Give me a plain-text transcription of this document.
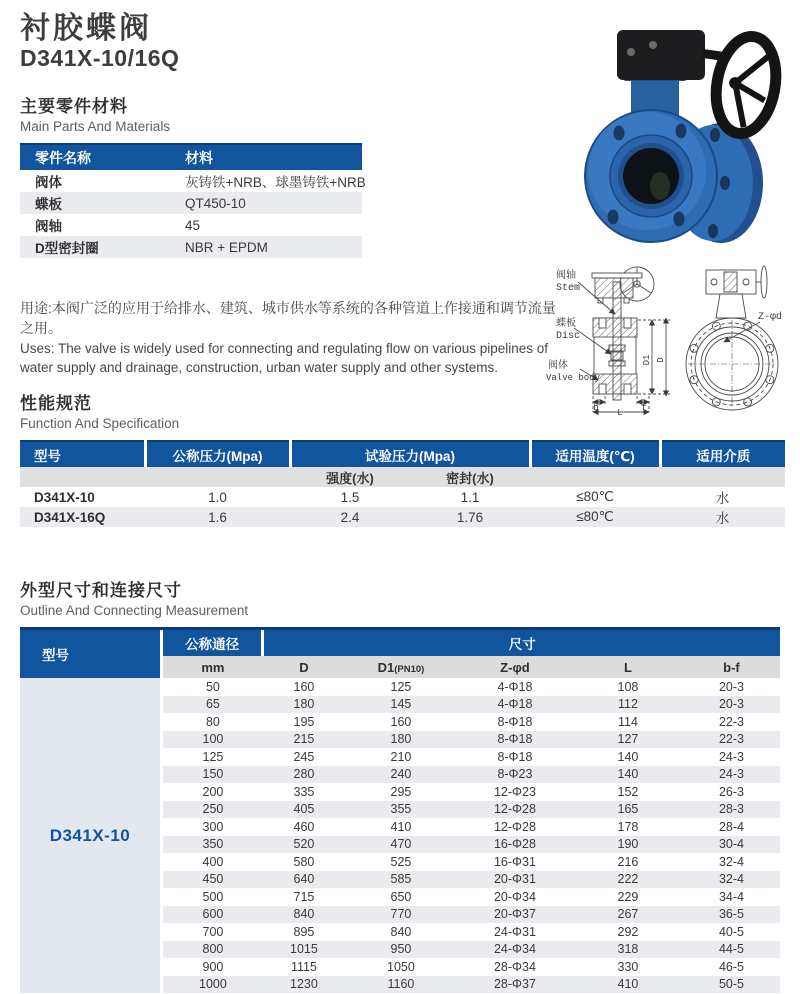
衬胶蝶阀
D341X-10/16Q
主要零件材料
Main Parts And Materials
零件名称	材料
阀体	灰铸铁+NRB、球墨铸铁+NRB
蝶板	QT450-10
阀轴	45
D型密封圈	NBR + EPDM
用途:本阀广泛的应用于给排水、建筑、城市供水等系统的各种管道上作接通和调节流量之用。
Uses: The valve is widely used for connecting and regulating flow on various pipelines of water supply and drainage, construction, urban water supply and other systems.
阀轴
Stem
蝶板
Disc
阀体
Valve body
D1 D
b L f
Z-φd
性能规范
Function And Specification
型号	公称压力(Mpa)	试验压力(Mpa)		适用温度(℃)	适用介质
		强度(水)	密封(水)		
D341X-10	1.0	1.5	1.1	≤80℃	水
D341X-16Q	1.6	2.4	1.76	≤80℃	水
外型尺寸和连接尺寸
Outline And Connecting Measurement
型号
D341X-10
公称通径	尺寸				
mm	D	D1(PN10)	Z-φd	L	b-f
50	160	125	4-Φ18	108	20-3
65	180	145	4-Φ18	112	20-3
80	195	160	8-Φ18	114	22-3
100	215	180	8-Φ18	127	22-3
125	245	210	8-Φ18	140	24-3
150	280	240	8-Φ23	140	24-3
200	335	295	12-Φ23	152	26-3
250	405	355	12-Φ28	165	28-3
300	460	410	12-Φ28	178	28-4
350	520	470	16-Φ28	190	30-4
400	580	525	16-Φ31	216	32-4
450	640	585	20-Φ31	222	32-4
500	715	650	20-Φ34	229	34-4
600	840	770	20-Φ37	267	36-5
700	895	840	24-Φ31	292	40-5
800	1015	950	24-Φ34	318	44-5
900	1115	1050	28-Φ34	330	46-5
1000	1230	1160	28-Φ37	410	50-5
